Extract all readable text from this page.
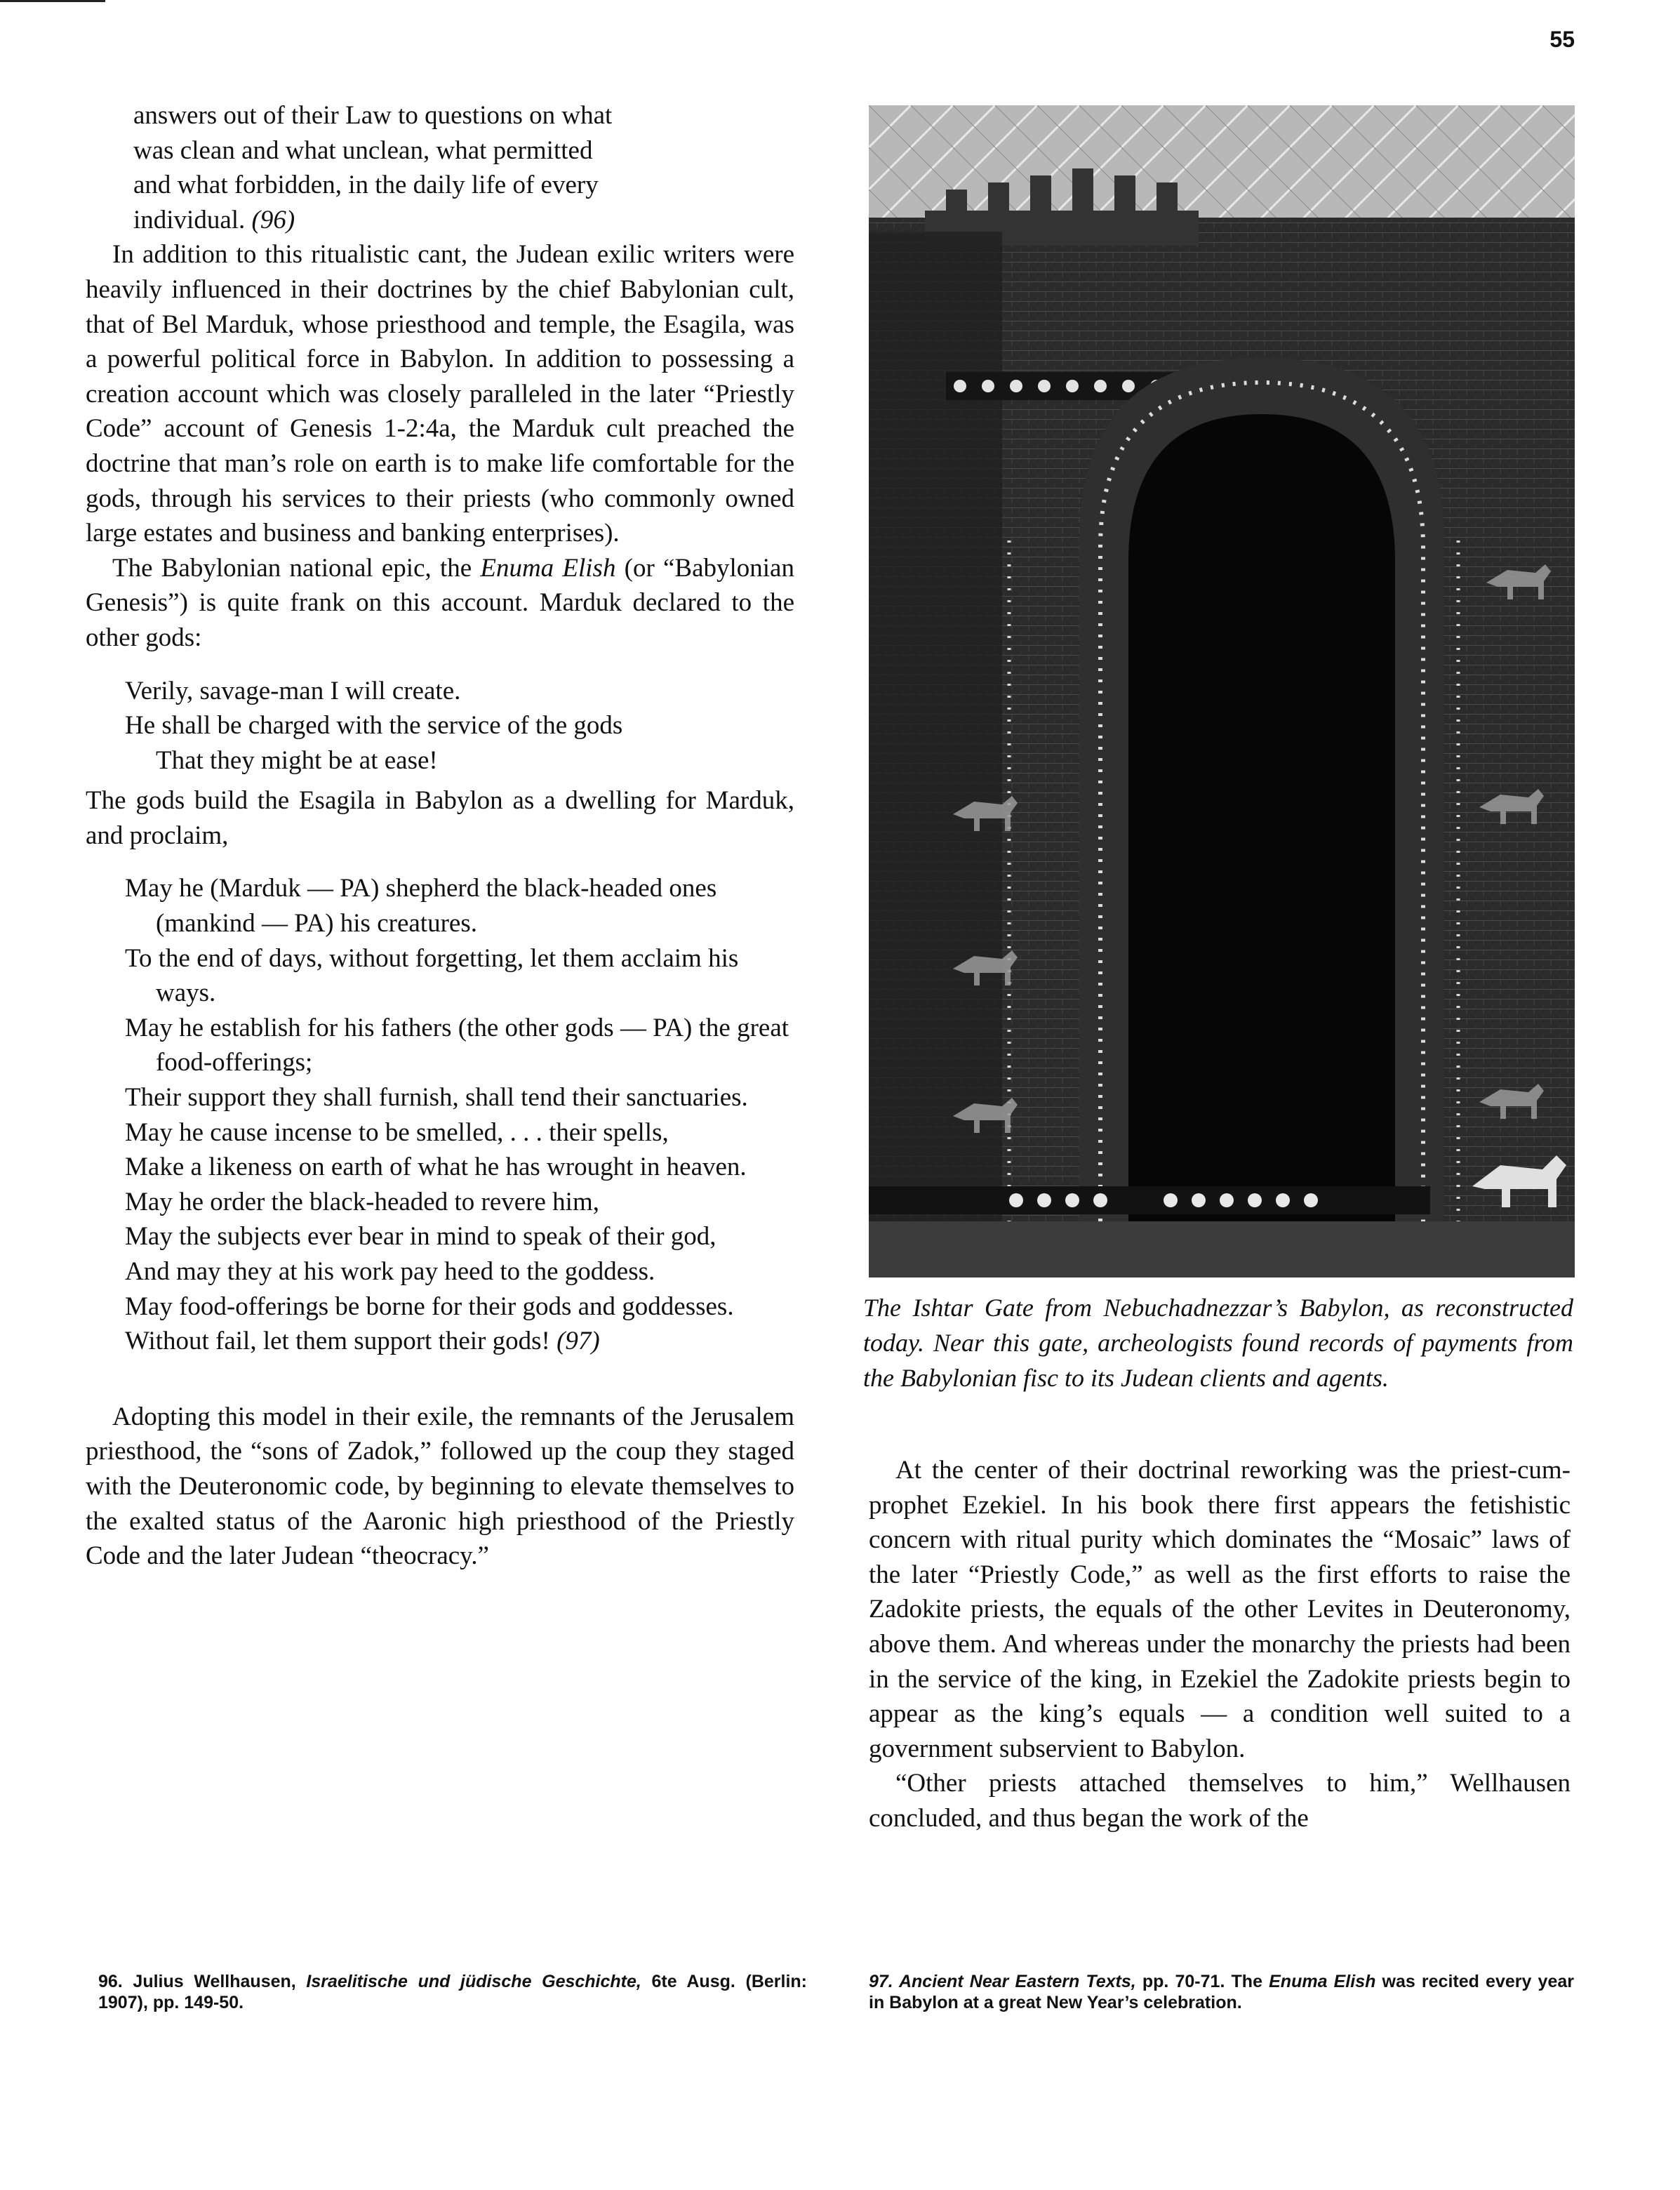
55
answers out of their Law to questions on what
was clean and what unclean, what permitted
and what forbidden, in the daily life of every
individual. (96)

In addition to this ritualistic cant, the Judean exilic writers were heavily influenced in their doctrines by the chief Babylonian cult, that of Bel Marduk, whose priesthood and temple, the Esagila, was a powerful political force in Babylon. In addition to possessing a creation account which was closely paralleled in the later “Priestly Code” account of Genesis 1-2:4a, the Marduk cult preached the doctrine that man’s role on earth is to make life comfortable for the gods, through his services to their priests (who commonly owned large estates and business and banking enterprises).

The Babylonian national epic, the Enuma Elish (or “Babylonian Genesis”) is quite frank on this account. Marduk declared to the other gods:

Verily, savage-man I will create.
He shall be charged with the service of the gods
That they might be at ease!

The gods build the Esagila in Babylon as a dwelling for Marduk, and proclaim,

May he (Marduk — PA) shepherd the black-headed ones (mankind — PA) his creatures.
To the end of days, without forgetting, let them acclaim his ways.
May he establish for his fathers (the other gods — PA) the great food-offerings;
Their support they shall furnish, shall tend their sanctuaries.
May he cause incense to be smelled, . . . their spells,
Make a likeness on earth of what he has wrought in heaven.
May he order the black-headed to revere him,
May the subjects ever bear in mind to speak of their god,
And may they at his work pay heed to the goddess.
May food-offerings be borne for their gods and goddesses.
Without fail, let them support their gods! (97)

Adopting this model in their exile, the remnants of the Jerusalem priesthood, the “sons of Zadok,” followed up the coup they staged with the Deuteronomic code, by beginning to elevate themselves to the exalted status of the Aaronic high priesthood of the Priestly Code and the later Judean “theocracy.”

The Ishtar Gate from Nebuchadnezzar’s Babylon, as reconstructed today. Near this gate, archeologists found records of payments from the Babylonian fisc to its Judean clients and agents.

At the center of their doctrinal reworking was the priest-cum-prophet Ezekiel. In his book there first appears the fetishistic concern with ritual purity which dominates the “Mosaic” laws of the later “Priestly Code,” as well as the first efforts to raise the Zadokite priests, the equals of the other Levites in Deuteronomy, above them. And whereas under the monarchy the priests had been in the service of the king, in Ezekiel the Zadokite priests begin to appear as the king’s equals — a condition well suited to a government subservient to Babylon.

“Other priests attached themselves to him,” Wellhausen concluded, and thus began the work of the

96. Julius Wellhausen, Israelitische und jüdische Geschichte, 6te Ausg. (Berlin: 1907), pp. 149-50.
97. Ancient Near Eastern Texts, pp. 70-71. The Enuma Elish was recited every year in Babylon at a great New Year’s celebration.
